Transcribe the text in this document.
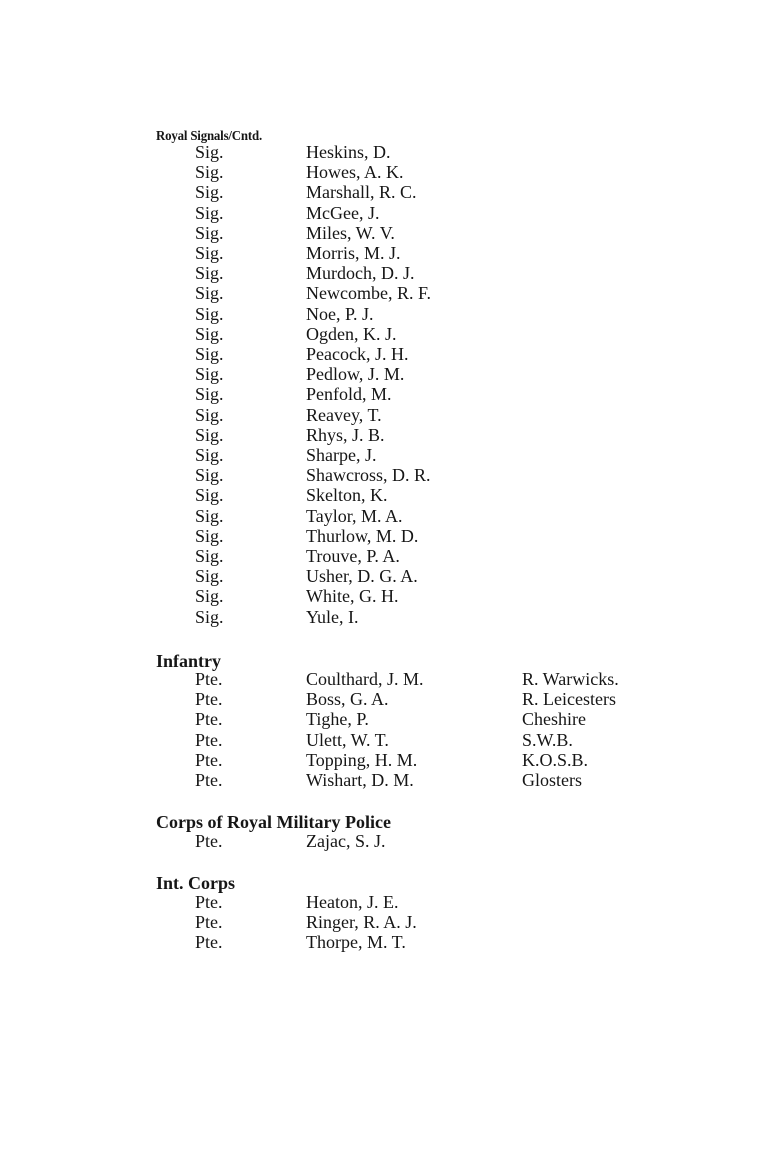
Royal Signals/Cntd.
Sig.	Heskins, D.
Sig.	Howes, A. K.
Sig.	Marshall, R. C.
Sig.	McGee, J.
Sig.	Miles, W. V.
Sig.	Morris, M. J.
Sig.	Murdoch, D. J.
Sig.	Newcombe, R. F.
Sig.	Noe, P. J.
Sig.	Ogden, K. J.
Sig.	Peacock, J. H.
Sig.	Pedlow, J. M.
Sig.	Penfold, M.
Sig.	Reavey, T.
Sig.	Rhys, J. B.
Sig.	Sharpe, J.
Sig.	Shawcross, D. R.
Sig.	Skelton, K.
Sig.	Taylor, M. A.
Sig.	Thurlow, M. D.
Sig.	Trouve, P. A.
Sig.	Usher, D. G. A.
Sig.	White, G. H.
Sig.	Yule, I.
Infantry
Pte.	Coulthard, J. M.	R. Warwicks.
Pte.	Boss, G. A.	R. Leicesters
Pte.	Tighe, P.	Cheshire
Pte.	Ulett, W. T.	S.W.B.
Pte.	Topping, H. M.	K.O.S.B.
Pte.	Wishart, D. M.	Glosters
Corps of Royal Military Police
Pte.	Zajac, S. J.
Int. Corps
Pte.	Heaton, J. E.
Pte.	Ringer, R. A. J.
Pte.	Thorpe, M. T.
